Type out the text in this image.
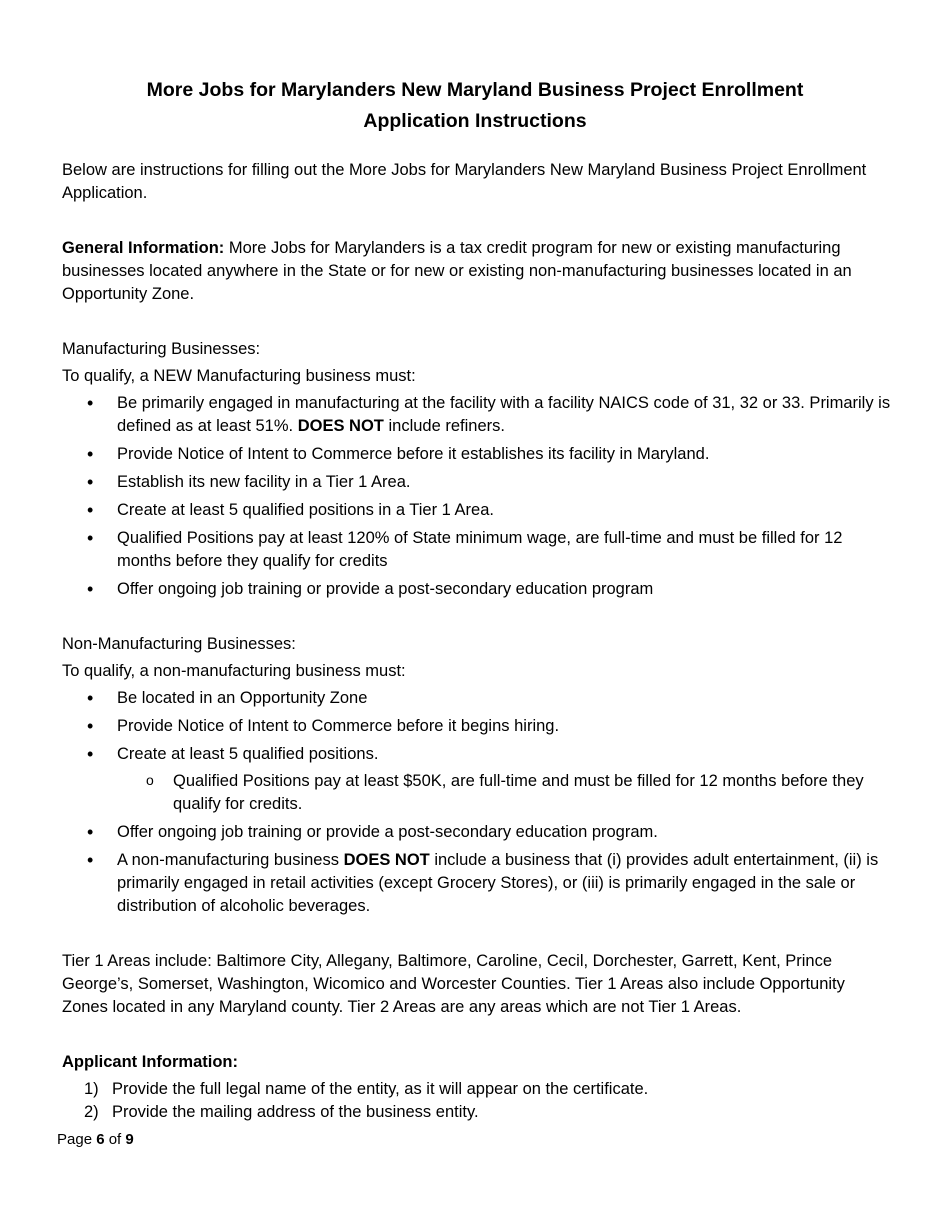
More Jobs for Marylanders New Maryland Business Project Enrollment
Application Instructions

Below are instructions for filling out the More Jobs for Marylanders New Maryland Business Project Enrollment Application.

General Information: More Jobs for Marylanders is a tax credit program for new or existing manufacturing businesses located anywhere in the State or for new or existing non-manufacturing businesses located in an Opportunity Zone.

Manufacturing Businesses:

To qualify, a NEW Manufacturing business must:

• Be primarily engaged in manufacturing at the facility with a facility NAICS code of 31, 32 or 33. Primarily is defined as at least 51%. DOES NOT include refiners.
• Provide Notice of Intent to Commerce before it establishes its facility in Maryland.
• Establish its new facility in a Tier 1 Area.
• Create at least 5 qualified positions in a Tier 1 Area.
• Qualified Positions pay at least 120% of State minimum wage, are full-time and must be filled for 12 months before they qualify for credits
• Offer ongoing job training or provide a post-secondary education program

Non-Manufacturing Businesses:

To qualify, a non-manufacturing business must:

• Be located in an Opportunity Zone
• Provide Notice of Intent to Commerce before it begins hiring.
• Create at least 5 qualified positions.
o Qualified Positions pay at least $50K, are full-time and must be filled for 12 months before they qualify for credits.
• Offer ongoing job training or provide a post-secondary education program.
• A non-manufacturing business DOES NOT include a business that (i) provides adult entertainment, (ii) is primarily engaged in retail activities (except Grocery Stores), or (iii) is primarily engaged in the sale or distribution of alcoholic beverages.

Tier 1 Areas include: Baltimore City, Allegany, Baltimore, Caroline, Cecil, Dorchester, Garrett, Kent, Prince George’s, Somerset, Washington, Wicomico and Worcester Counties. Tier 1 Areas also include Opportunity Zones located in any Maryland county. Tier 2 Areas are any areas which are not Tier 1 Areas.

Applicant Information:

1) Provide the full legal name of the entity, as it will appear on the certificate.
2) Provide the mailing address of the business entity.
Page 6 of 9
